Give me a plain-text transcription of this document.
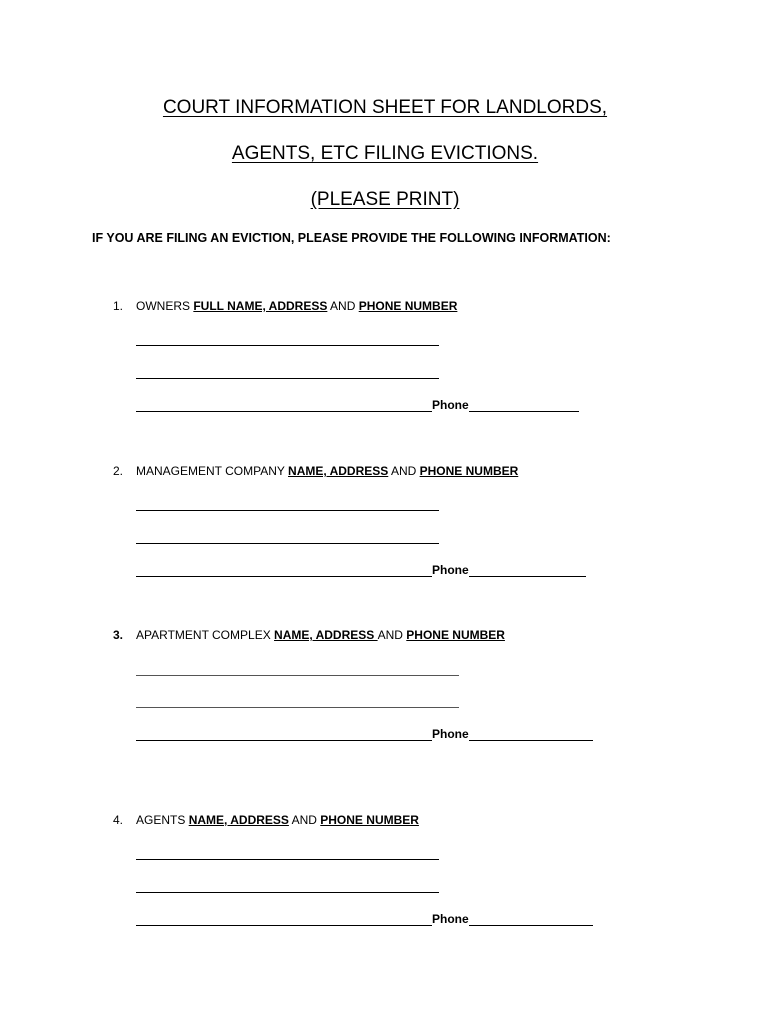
COURT INFORMATION SHEET FOR LANDLORDS,
AGENTS, ETC FILING EVICTIONS.
(PLEASE PRINT)
IF YOU ARE FILING AN EVICTION, PLEASE PROVIDE THE FOLLOWING INFORMATION:
1. OWNERS FULL NAME, ADDRESS AND PHONE NUMBER
Phone
2. MANAGEMENT COMPANY NAME, ADDRESS AND PHONE NUMBER
Phone
3. APARTMENT COMPLEX NAME, ADDRESS AND PHONE NUMBER
Phone
4. AGENTS NAME, ADDRESS AND PHONE NUMBER
Phone
